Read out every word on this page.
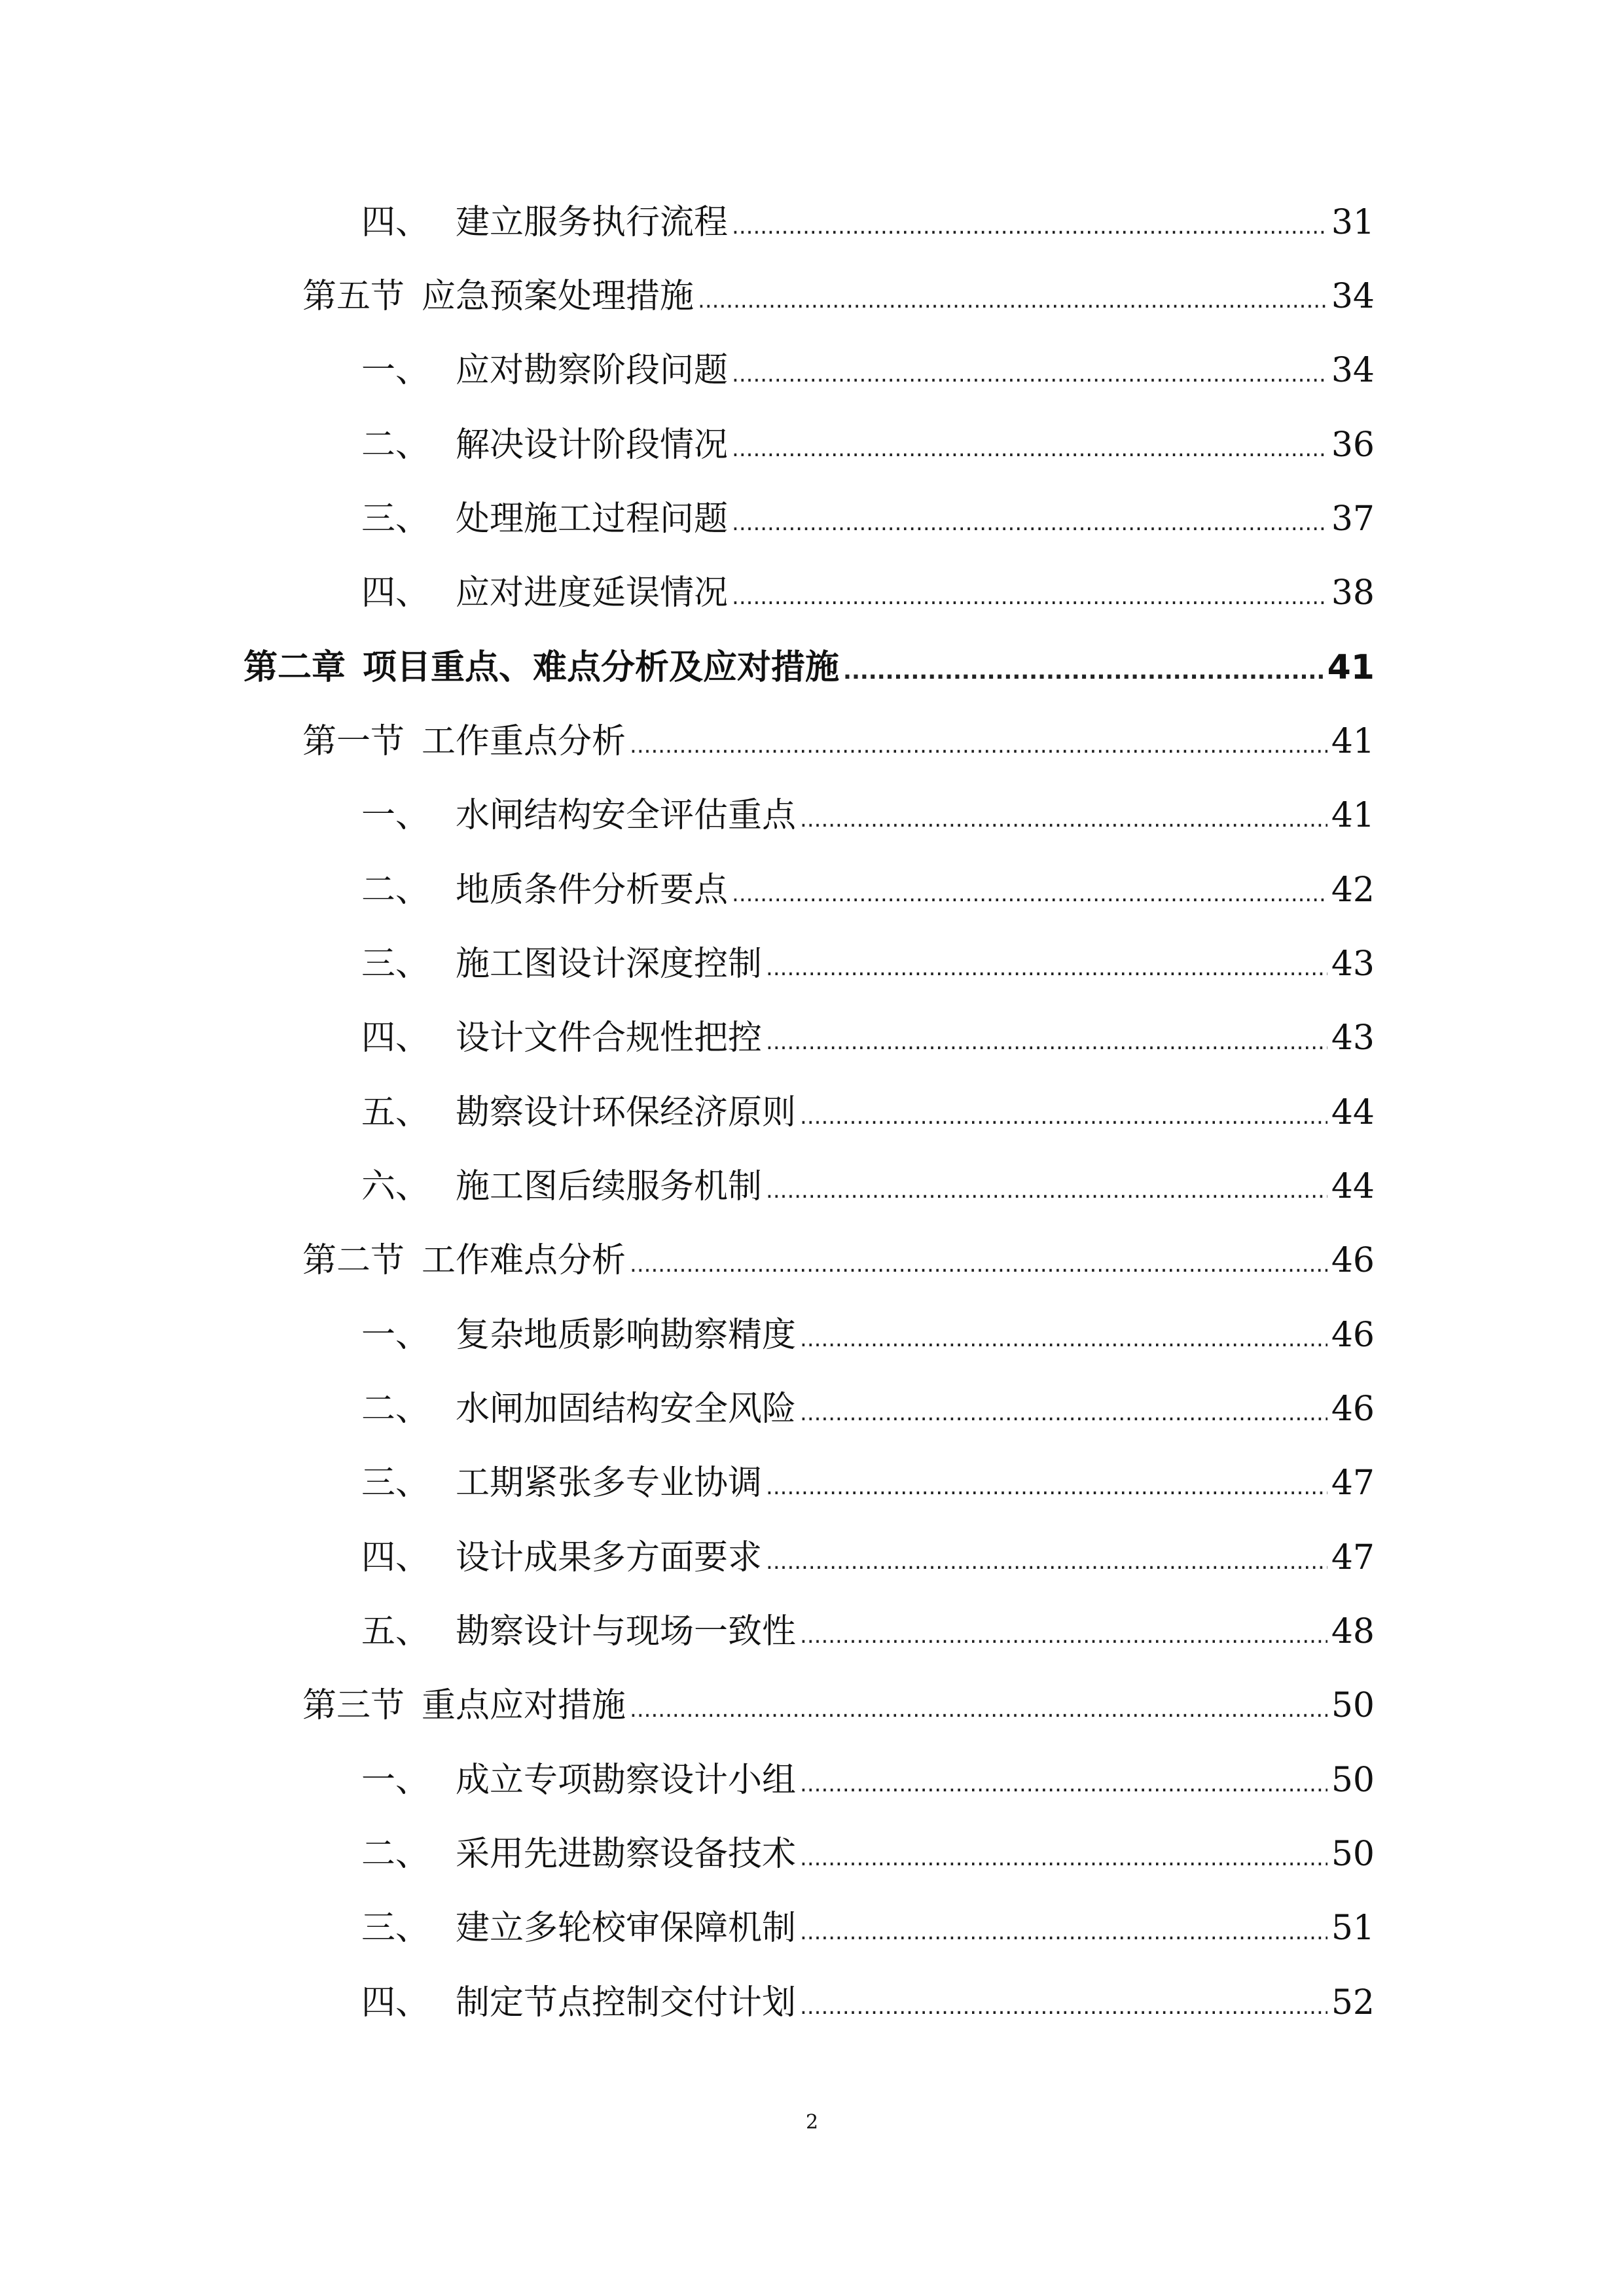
四、 建立服务执行流程 .....	31
第五节 应急预案处理措施 .....	34
一、 应对勘察阶段问题 .....	34
二、 解决设计阶段情况 .....	36
三、 处理施工过程问题 .....	37
四、 应对进度延误情况 .....	38
第二章 项目重点、难点分析及应对措施 .....	41
第一节 工作重点分析 .....	41
一、 水闸结构安全评估重点 .....	41
二、 地质条件分析要点 .....	42
三、 施工图设计深度控制 .....	43
四、 设计文件合规性把控 .....	43
五、 勘察设计环保经济原则 .....	44
六、 施工图后续服务机制 .....	44
第二节 工作难点分析 .....	46
一、 复杂地质影响勘察精度 .....	46
二、 水闸加固结构安全风险 .....	46
三、 工期紧张多专业协调 .....	47
四、 设计成果多方面要求 .....	47
五、 勘察设计与现场一致性 .....	48
第三节 重点应对措施 .....	50
一、 成立专项勘察设计小组 .....	50
二、 采用先进勘察设备技术 .....	50
三、 建立多轮校审保障机制 .....	51
四、 制定节点控制交付计划 .....	52
2
